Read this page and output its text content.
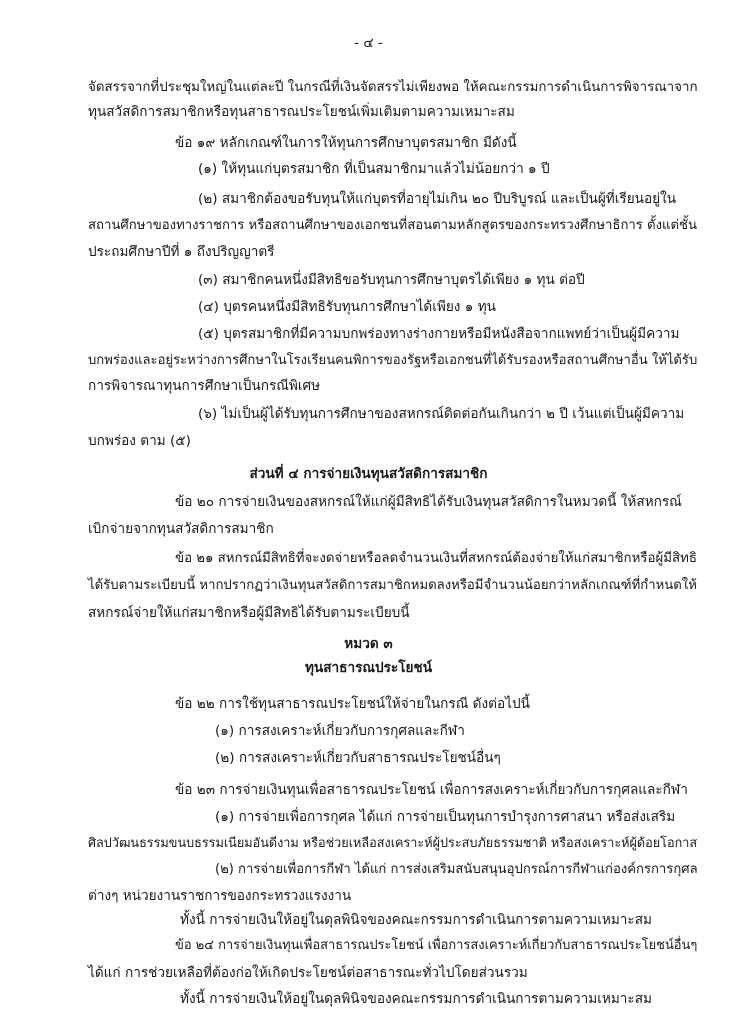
- ๔ -
จัดสรรจากที่ประชุมใหญ่ในแต่ละปี ในกรณีที่เงินจัดสรรไม่เพียงพอ ให้คณะกรรมการดำเนินการพิจารณาจาก
ทุนสวัสดิการสมาชิกหรือทุนสาธารณประโยชน์เพิ่มเติมตามความเหมาะสม
ข้อ ๑๙ หลักเกณฑ์ในการให้ทุนการศึกษาบุตรสมาชิก มีดังนี้
(๑) ให้ทุนแก่บุตรสมาชิก ที่เป็นสมาชิกมาแล้วไม่น้อยกว่า ๑ ปี
(๒) สมาชิกต้องขอรับทุนให้แก่บุตรที่อายุไม่เกิน ๒๐ ปีบริบูรณ์ และเป็นผู้ที่เรียนอยู่ใน
สถานศึกษาของทางราชการ หรือสถานศึกษาของเอกชนที่สอนตามหลักสูตรของกระทรวงศึกษาธิการ ตั้งแต่ชั้น
ประถมศึกษาปีที่ ๑ ถึงปริญญาตรี
(๓) สมาชิกคนหนึ่งมีสิทธิขอรับทุนการศึกษาบุตรได้เพียง ๑ ทุน ต่อปี
(๔) บุตรคนหนึ่งมีสิทธิรับทุนการศึกษาได้เพียง ๑ ทุน
(๕) บุตรสมาชิกที่มีความบกพร่องทางร่างกายหรือมีหนังสือจากแพทย์ว่าเป็นผู้มีความ
บกพร่องและอยู่ระหว่างการศึกษาในโรงเรียนคนพิการของรัฐหรือเอกชนที่ได้รับรองหรือสถานศึกษาอื่น ให้ได้รับ
การพิจารณาทุนการศึกษาเป็นกรณีพิเศษ
(๖) ไม่เป็นผู้ได้รับทุนการศึกษาของสหกรณ์ติดต่อกันเกินกว่า ๒ ปี เว้นแต่เป็นผู้มีความ
บกพร่อง ตาม (๕)
ส่วนที่ ๔ การจ่ายเงินทุนสวัสดิการสมาชิก
ข้อ ๒๐ การจ่ายเงินของสหกรณ์ให้แก่ผู้มีสิทธิได้รับเงินทุนสวัสดิการในหมวดนี้ ให้สหกรณ์
เบิกจ่ายจากทุนสวัสดิการสมาชิก
ข้อ ๒๑ สหกรณ์มีสิทธิที่จะงดจ่ายหรือลดจำนวนเงินที่สหกรณ์ต้องจ่ายให้แก่สมาชิกหรือผู้มีสิทธิ
ได้รับตามระเบียบนี้ หากปรากฏว่าเงินทุนสวัสดิการสมาชิกหมดลงหรือมีจำนวนน้อยกว่าหลักเกณฑ์ที่กำหนดให้
สหกรณ์จ่ายให้แก่สมาชิกหรือผู้มีสิทธิได้รับตามระเบียบนี้
หมวด ๓
ทุนสาธารณประโยชน์
ข้อ ๒๒ การใช้ทุนสาธารณประโยชน์ให้จ่ายในกรณี ดังต่อไปนี้
(๑) การสงเคราะห์เกี่ยวกับการกุศลและกีฬา
(๒) การสงเคราะห์เกี่ยวกับสาธารณประโยชน์อื่นๆ
ข้อ ๒๓ การจ่ายเงินทุนเพื่อสาธารณประโยชน์ เพื่อการสงเคราะห์เกี่ยวกับการกุศลและกีฬา
(๑) การจ่ายเพื่อการกุศล ได้แก่ การจ่ายเป็นทุนการบำรุงการศาสนา หรือส่งเสริม
ศิลปวัฒนธรรมขนบธรรมเนียมอันดีงาม หรือช่วยเหลือสงเคราะห์ผู้ประสบภัยธรรมชาติ หรือสงเคราะห์ผู้ด้อยโอกาส
(๒) การจ่ายเพื่อการกีฬา ได้แก่ การส่งเสริมสนับสนุนอุปกรณ์การกีฬาแก่องค์กรการกุศล
ต่างๆ หน่วยงานราชการของกระทรวงแรงงาน
ทั้งนี้ การจ่ายเงินให้อยู่ในดุลพินิจของคณะกรรมการดำเนินการตามความเหมาะสม
ข้อ ๒๔ การจ่ายเงินทุนเพื่อสาธารณประโยชน์ เพื่อการสงเคราะห์เกี่ยวกับสาธารณประโยชน์อื่นๆ
ได้แก่ การช่วยเหลือที่ต้องก่อให้เกิดประโยชน์ต่อสาธารณะทั่วไปโดยส่วนรวม
ทั้งนี้ การจ่ายเงินให้อยู่ในดุลพินิจของคณะกรรมการดำเนินการตามความเหมาะสม
